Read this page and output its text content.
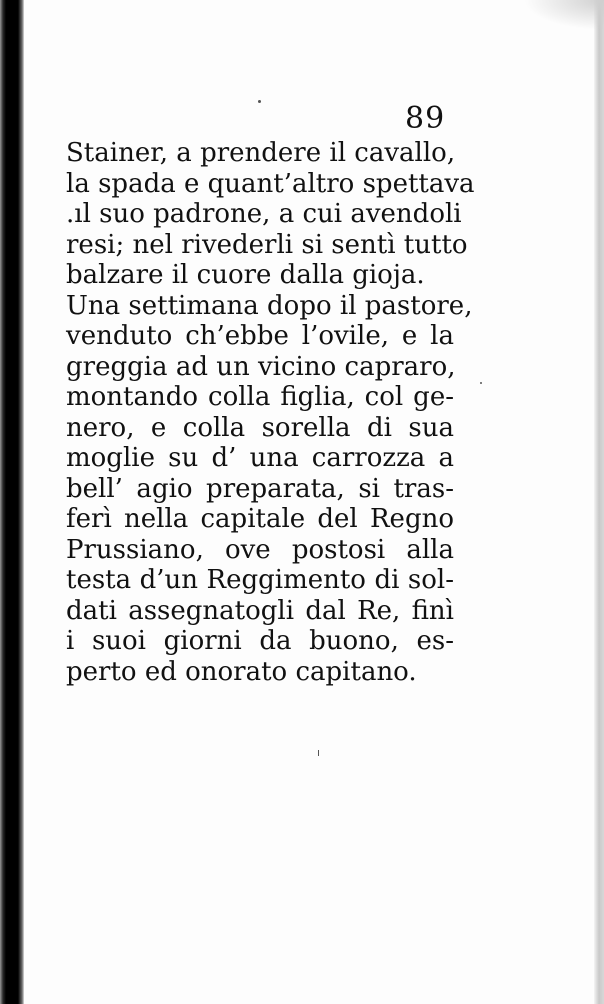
89
Stainer, a prendere il cavallo,
la spada e quant’altro spettava
.ıl suo padrone, a cui avendoli
resi; nel rivederli si sentì tutto
balzare il cuore dalla gioja.
Una settimana dopo il pastore,
venduto ch’ebbe l’ovile, e la
greggia ad un vicino capraro,
montando colla figlia, col ge-
nero, e colla sorella di sua
moglie su d’ una carrozza a
bell’ agio preparata, si tras-
ferì nella capitale del Regno
Prussiano, ove postosi alla
testa d’un Reggimento di sol-
dati assegnatogli dal Re, finì
i suoi giorni da buono, es-
perto ed onorato capitano.
